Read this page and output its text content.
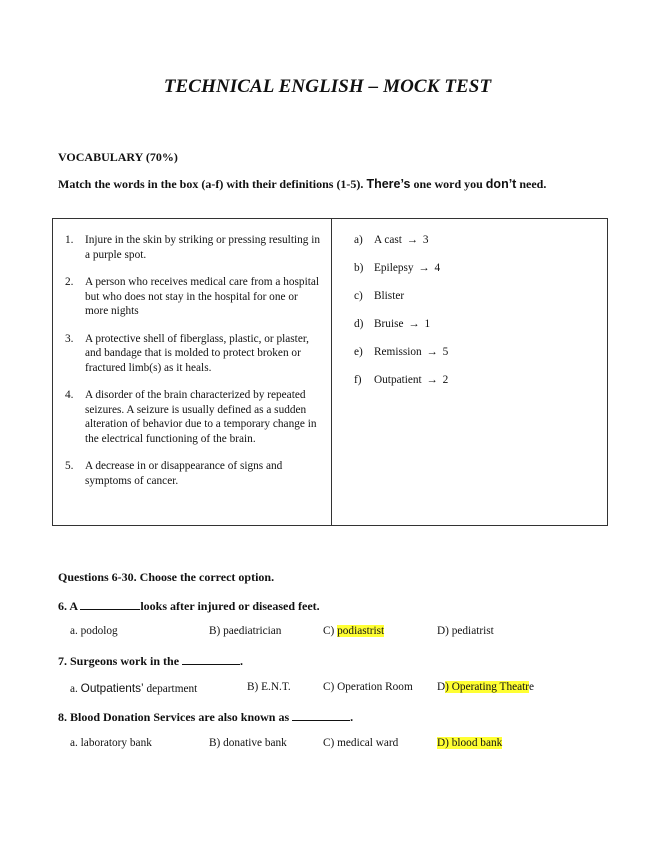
TECHNICAL ENGLISH – MOCK TEST
VOCABULARY (70%)
Match the words in the box (a-f) with their definitions (1-5). There’s one word you don’t need.
1.	Injure in the skin by striking or pressing resulting in a purple spot.
2.	A person who receives medical care from a hospital but who does not stay in the hospital for one or more nights
3.	A protective shell of fiberglass, plastic, or plaster, and bandage that is molded to protect broken or fractured limb(s) as it heals.
4.	A disorder of the brain characterized by repeated seizures. A seizure is usually defined as a sudden alteration of behavior due to a temporary change in the electrical functioning of the brain.
5.	A decrease in or disappearance of signs and symptoms of cancer.
a) A cast
→
3
b) Epilepsy
→
4
c) Blister
d) Bruise
→
1
e) Remission
→
5
f)	Outpatient
→
2
Questions 6-30. Choose the correct option.
6. A	looks after injured or diseased feet.
a. podolog	B) paediatrician	C) podiastrist	D) pediatrist
7. Surgeons work in the	.
a. Outpatients’ department	B) E.N.T.	C) Operation Room D) Operating Theatre
8. Blood Donation Services are also known as	.
a. laboratory bank	B) donative bank	C) medical ward	D) blood bank
